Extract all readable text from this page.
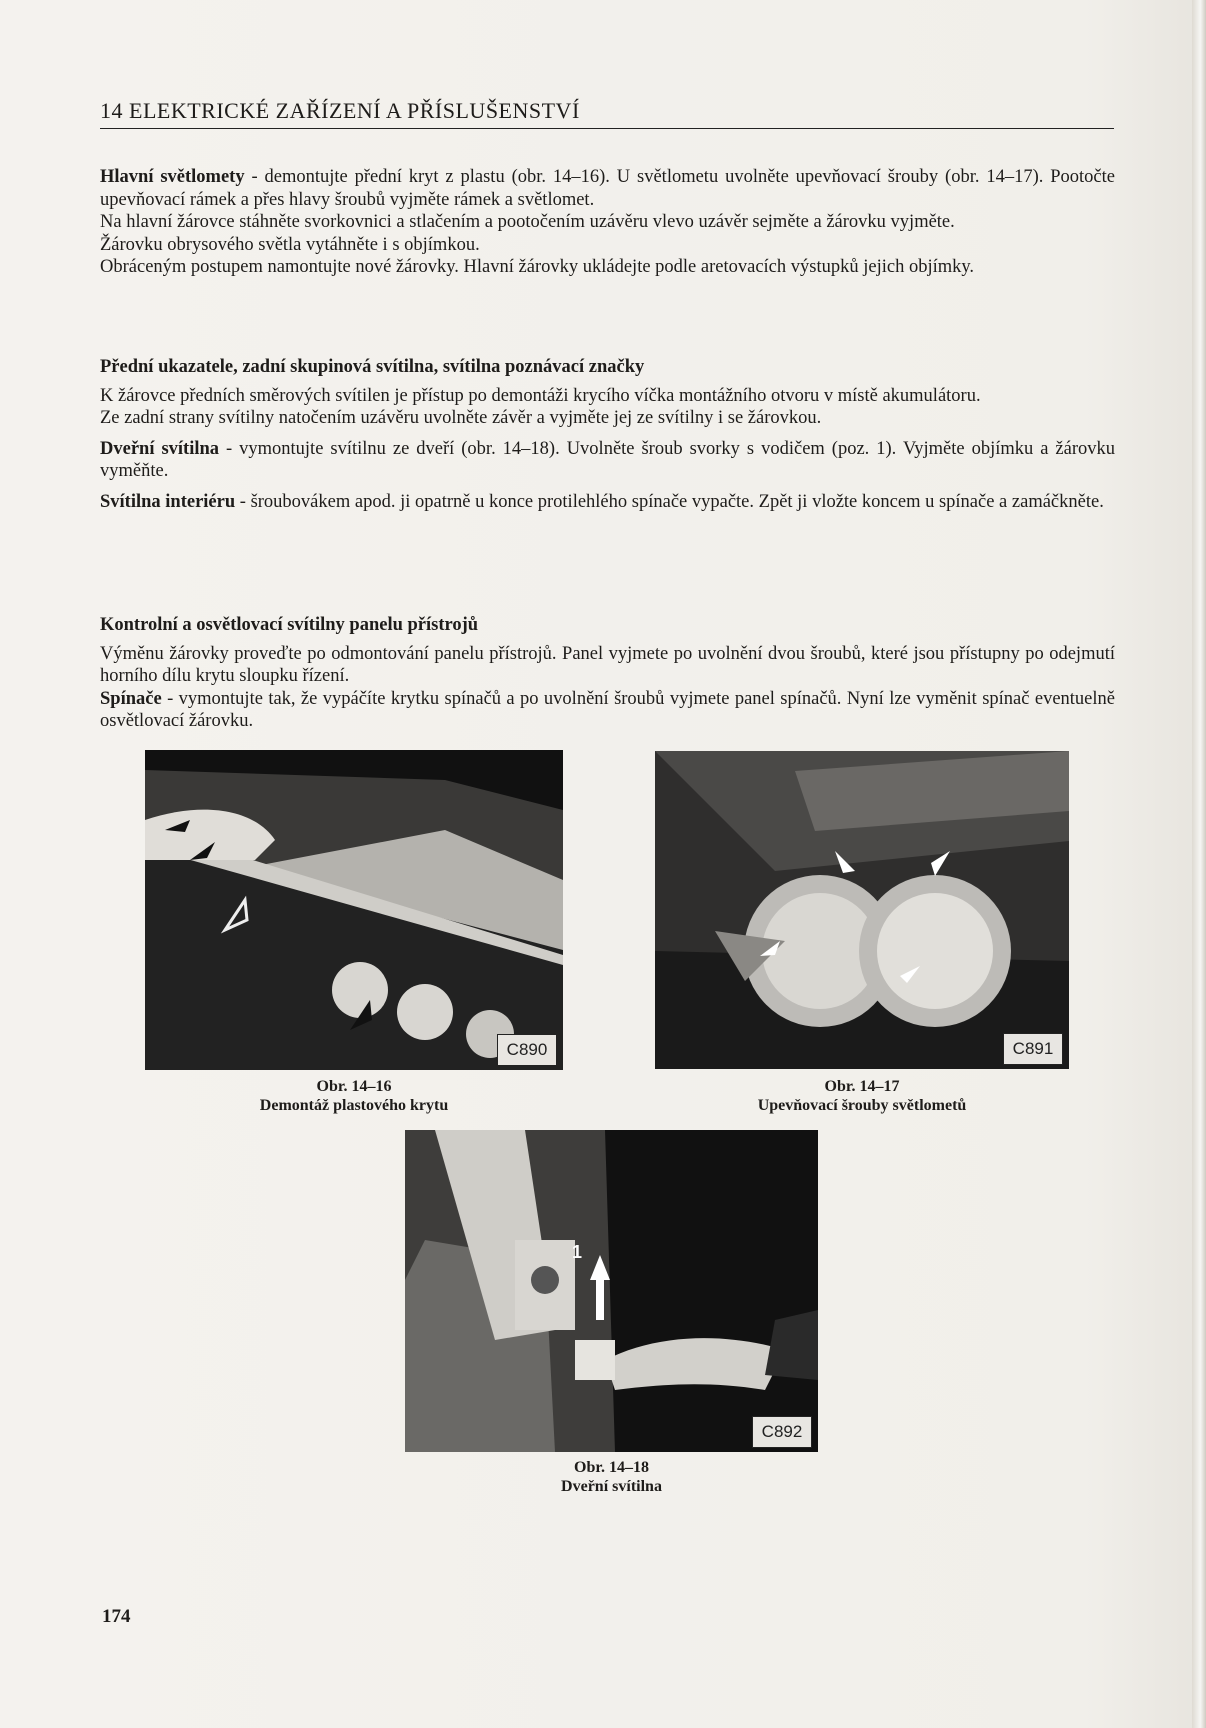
14 ELEKTRICKÉ ZAŘÍZENÍ A PŘÍSLUŠENSTVÍ

Hlavní světlomety - demontujte přední kryt z plastu (obr. 14–16). U světlometu uvolněte upevňovací šrouby (obr. 14–17). Pootočte upevňovací rámek a přes hlavy šroubů vyjměte rámek a světlomet.

Na hlavní žárovce stáhněte svorkovnici a stlačením a pootočením uzávěru vlevo uzávěr sejměte a žárovku vyjměte.

Žárovku obrysového světla vytáhněte i s objímkou.

Obráceným postupem namontujte nové žárovky. Hlavní žárovky ukládejte podle aretovacích výstupků jejich objímky.

Přední ukazatele, zadní skupinová svítilna, svítilna poznávací značky

K žárovce předních směrových svítilen je přístup po demontáži krycího víčka montážního otvoru v místě akumulátoru.

Ze zadní strany svítilny natočením uzávěru uvolněte závěr a vyjměte jej ze svítilny i se žárovkou.

Dveřní svítilna - vymontujte svítilnu ze dveří (obr. 14–18). Uvolněte šroub svorky s vodičem (poz. 1). Vyjměte objímku a žárovku vyměňte.

Svítilna interiéru - šroubovákem apod. ji opatrně u konce protilehlého spínače vypačte. Zpět ji vložte koncem u spínače a zamáčkněte.

Kontrolní a osvětlovací svítilny panelu přístrojů

Výměnu žárovky proveďte po odmontování panelu přístrojů. Panel vyjmete po uvolnění dvou šroubů, které jsou přístupny po odejmutí horního dílu krytu sloupku řízení.

Spínače - vymontujte tak, že vypáčíte krytku spínačů a po uvolnění šroubů vyjmete panel spínačů. Nyní lze vyměnit spínač eventuelně osvětlovací žárovku.

C890
Obr. 14–16
Demontáž plastového krytu
C891
Obr. 14–17
Upevňovací šrouby světlometů
1
C892
Obr. 14–18
Dveřní svítilna
174
